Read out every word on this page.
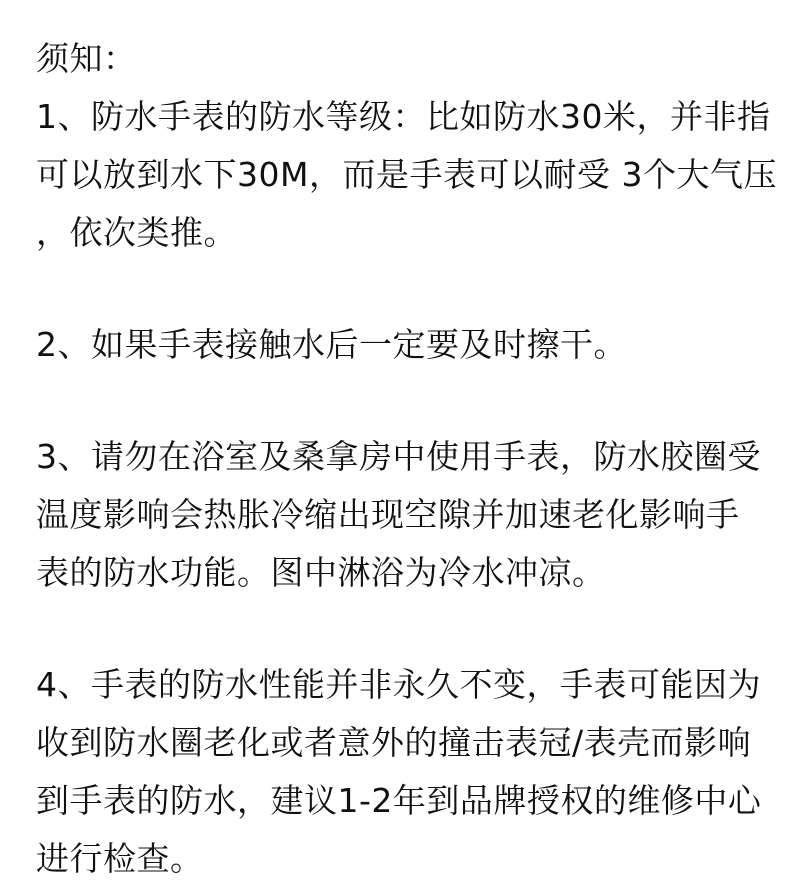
须知：
1、防水手表的防水等级：比如防水30米，并非指
可以放到水下30M，而是手表可以耐受 3个大气压
，依次类推。
2、如果手表接触水后一定要及时擦干。
3、请勿在浴室及桑拿房中使用手表，防水胶圈受
温度影响会热胀冷缩出现空隙并加速老化影响手
表的防水功能。图中淋浴为冷水冲凉。
4、手表的防水性能并非永久不变，手表可能因为
收到防水圈老化或者意外的撞击表冠/表壳而影响
到手表的防水，建议1-2年到品牌授权的维修中心
进行检查。
